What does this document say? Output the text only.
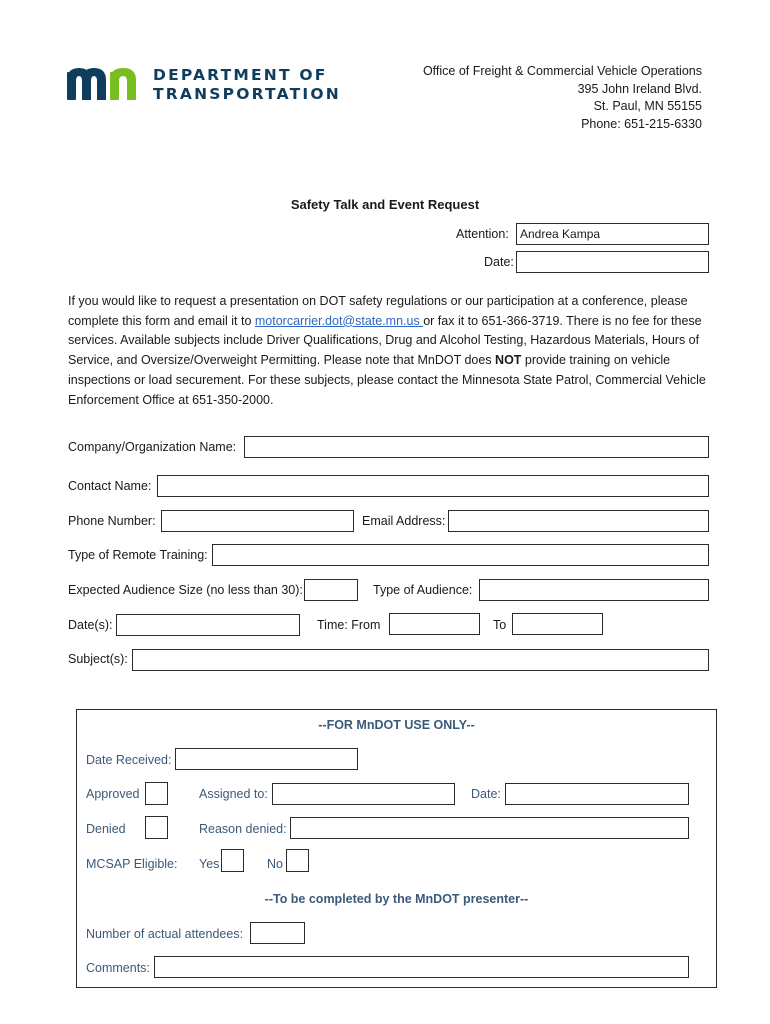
DEPARTMENT OF
TRANSPORTATION
Office of Freight & Commercial Vehicle Operations
395 John Ireland Blvd.
St. Paul, MN 55155
Phone: 651-215-6330
Safety Talk and Event Request
Attention: Andrea Kampa
Date:
If you would like to request a presentation on DOT safety regulations or our participation at a conference, please complete this form and email it to motorcarrier.dot@state.mn.us or fax it to 651-366-3719. There is no fee for these services. Available subjects include Driver Qualifications, Drug and Alcohol Testing, Hazardous Materials, Hours of Service, and Oversize/Overweight Permitting. Please note that MnDOT does NOT provide training on vehicle inspections or load securement. For these subjects, please contact the Minnesota State Patrol, Commercial Vehicle Enforcement Office at 651-350-2000.
Company/Organization Name:
Contact Name:
Phone Number:	Email Address:
Type of Remote Training:
Expected Audience Size (no less than 30):	Type of Audience:
Date(s):	Time: From	To
Subject(s):
--FOR MnDOT USE ONLY--
Date Received:
Approved	Assigned to:	Date:
Denied	Reason denied:
MCSAP Eligible: Yes	No
--To be completed by the MnDOT presenter--
Number of actual attendees:
Comments:
